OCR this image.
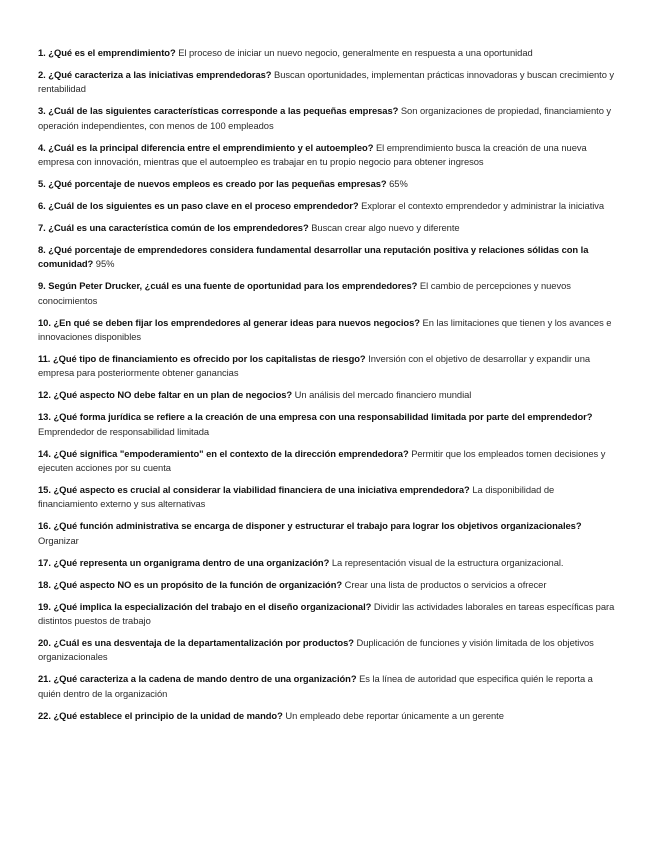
1. ¿Qué es el emprendimiento? El proceso de iniciar un nuevo negocio, generalmente en respuesta a una oportunidad
2. ¿Qué caracteriza a las iniciativas emprendedoras? Buscan oportunidades, implementan prácticas innovadoras y buscan crecimiento y rentabilidad
3. ¿Cuál de las siguientes características corresponde a las pequeñas empresas? Son organizaciones de propiedad, financiamiento y operación independientes, con menos de 100 empleados
4. ¿Cuál es la principal diferencia entre el emprendimiento y el autoempleo? El emprendimiento busca la creación de una nueva empresa con innovación, mientras que el autoempleo es trabajar en tu propio negocio para obtener ingresos
5. ¿Qué porcentaje de nuevos empleos es creado por las pequeñas empresas? 65%
6. ¿Cuál de los siguientes es un paso clave en el proceso emprendedor? Explorar el contexto emprendedor y administrar la iniciativa
7. ¿Cuál es una característica común de los emprendedores? Buscan crear algo nuevo y diferente
8. ¿Qué porcentaje de emprendedores considera fundamental desarrollar una reputación positiva y relaciones sólidas con la comunidad? 95%
9. Según Peter Drucker, ¿cuál es una fuente de oportunidad para los emprendedores? El cambio de percepciones y nuevos conocimientos
10. ¿En qué se deben fijar los emprendedores al generar ideas para nuevos negocios? En las limitaciones que tienen y los avances e innovaciones disponibles
11. ¿Qué tipo de financiamiento es ofrecido por los capitalistas de riesgo? Inversión con el objetivo de desarrollar y expandir una empresa para posteriormente obtener ganancias
12. ¿Qué aspecto NO debe faltar en un plan de negocios? Un análisis del mercado financiero mundial
13. ¿Qué forma jurídica se refiere a la creación de una empresa con una responsabilidad limitada por parte del emprendedor? Emprendedor de responsabilidad limitada
14. ¿Qué significa "empoderamiento" en el contexto de la dirección emprendedora? Permitir que los empleados tomen decisiones y ejecuten acciones por su cuenta
15. ¿Qué aspecto es crucial al considerar la viabilidad financiera de una iniciativa emprendedora? La disponibilidad de financiamiento externo y sus alternativas
16. ¿Qué función administrativa se encarga de disponer y estructurar el trabajo para lograr los objetivos organizacionales? Organizar
17. ¿Qué representa un organigrama dentro de una organización? La representación visual de la estructura organizacional.
18. ¿Qué aspecto NO es un propósito de la función de organización? Crear una lista de productos o servicios a ofrecer
19. ¿Qué implica la especialización del trabajo en el diseño organizacional? Dividir las actividades laborales en tareas específicas para distintos puestos de trabajo
20. ¿Cuál es una desventaja de la departamentalización por productos? Duplicación de funciones y visión limitada de los objetivos organizacionales
21. ¿Qué caracteriza a la cadena de mando dentro de una organización? Es la línea de autoridad que especifica quién le reporta a quién dentro de la organización
22. ¿Qué establece el principio de la unidad de mando? Un empleado debe reportar únicamente a un gerente
